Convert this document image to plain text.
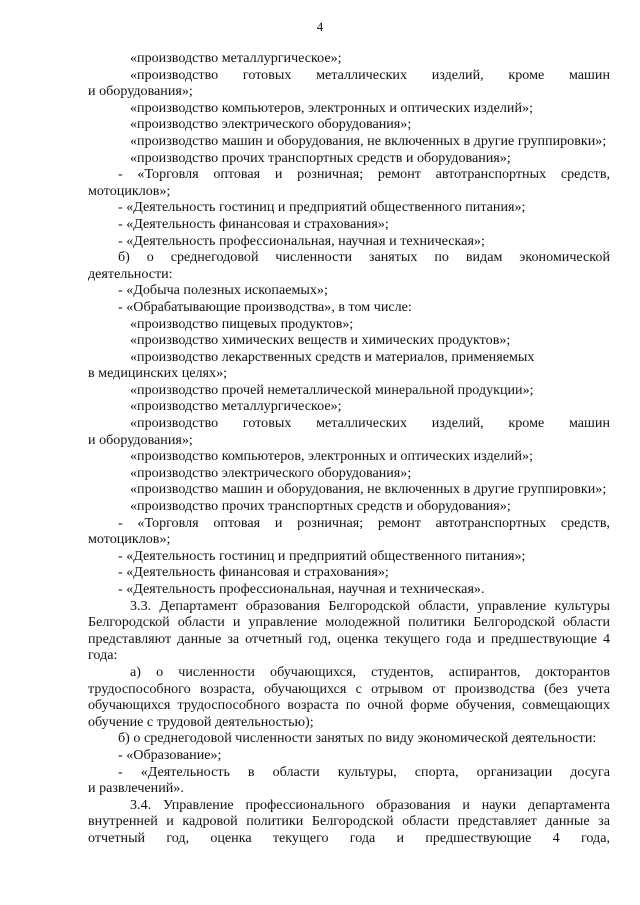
4

«производство металлургическое»;

«производство готовых металлических изделий, кроме машин

и оборудования»;

«производство компьютеров, электронных и оптических изделий»;

«производство электрического оборудования»;

«производство машин и оборудования, не включенных в другие группировки»;

«производство прочих транспортных средств и оборудования»;

- «Торговля оптовая и розничная; ремонт автотранспортных средств,

мотоциклов»;

- «Деятельность гостиниц и предприятий общественного питания»;

- «Деятельность финансовая и страхования»;

- «Деятельность профессиональная, научная и техническая»;

б) о среднегодовой численности занятых по видам экономической

деятельности:

- «Добыча полезных ископаемых»;

- «Обрабатывающие производства», в том числе:

«производство пищевых продуктов»;

«производство химических веществ и химических продуктов»;

«производство лекарственных средств и материалов, применяемых

в медицинских целях»;

«производство прочей неметаллической минеральной продукции»;

«производство металлургическое»;

«производство готовых металлических изделий, кроме машин

и оборудования»;

«производство компьютеров, электронных и оптических изделий»;

«производство электрического оборудования»;

«производство машин и оборудования, не включенных в другие группировки»;

«производство прочих транспортных средств и оборудования»;

- «Торговля оптовая и розничная; ремонт автотранспортных средств,

мотоциклов»;

- «Деятельность гостиниц и предприятий общественного питания»;

- «Деятельность финансовая и страхования»;

- «Деятельность профессиональная, научная и техническая».

3.3. Департамент образования Белгородской области, управление культуры Белгородской области и управление молодежной политики Белгородской области представляют данные за отчетный год, оценка текущего года и предшествующие 4 года:

а) о численности обучающихся, студентов, аспирантов, докторантов трудоспособного возраста, обучающихся с отрывом от производства (без учета обучающихся трудоспособного возраста по очной форме обучения, совмещающих обучение с трудовой деятельностью);

б) о среднегодовой численности занятых по виду экономической деятельности:

- «Образование»;

- «Деятельность в области культуры, спорта, организации досуга

и развлечений».

3.4. Управление профессионального образования и науки департамента внутренней и кадровой политики Белгородской области представляет данные за отчетный год, оценка текущего года и предшествующие 4 года,
